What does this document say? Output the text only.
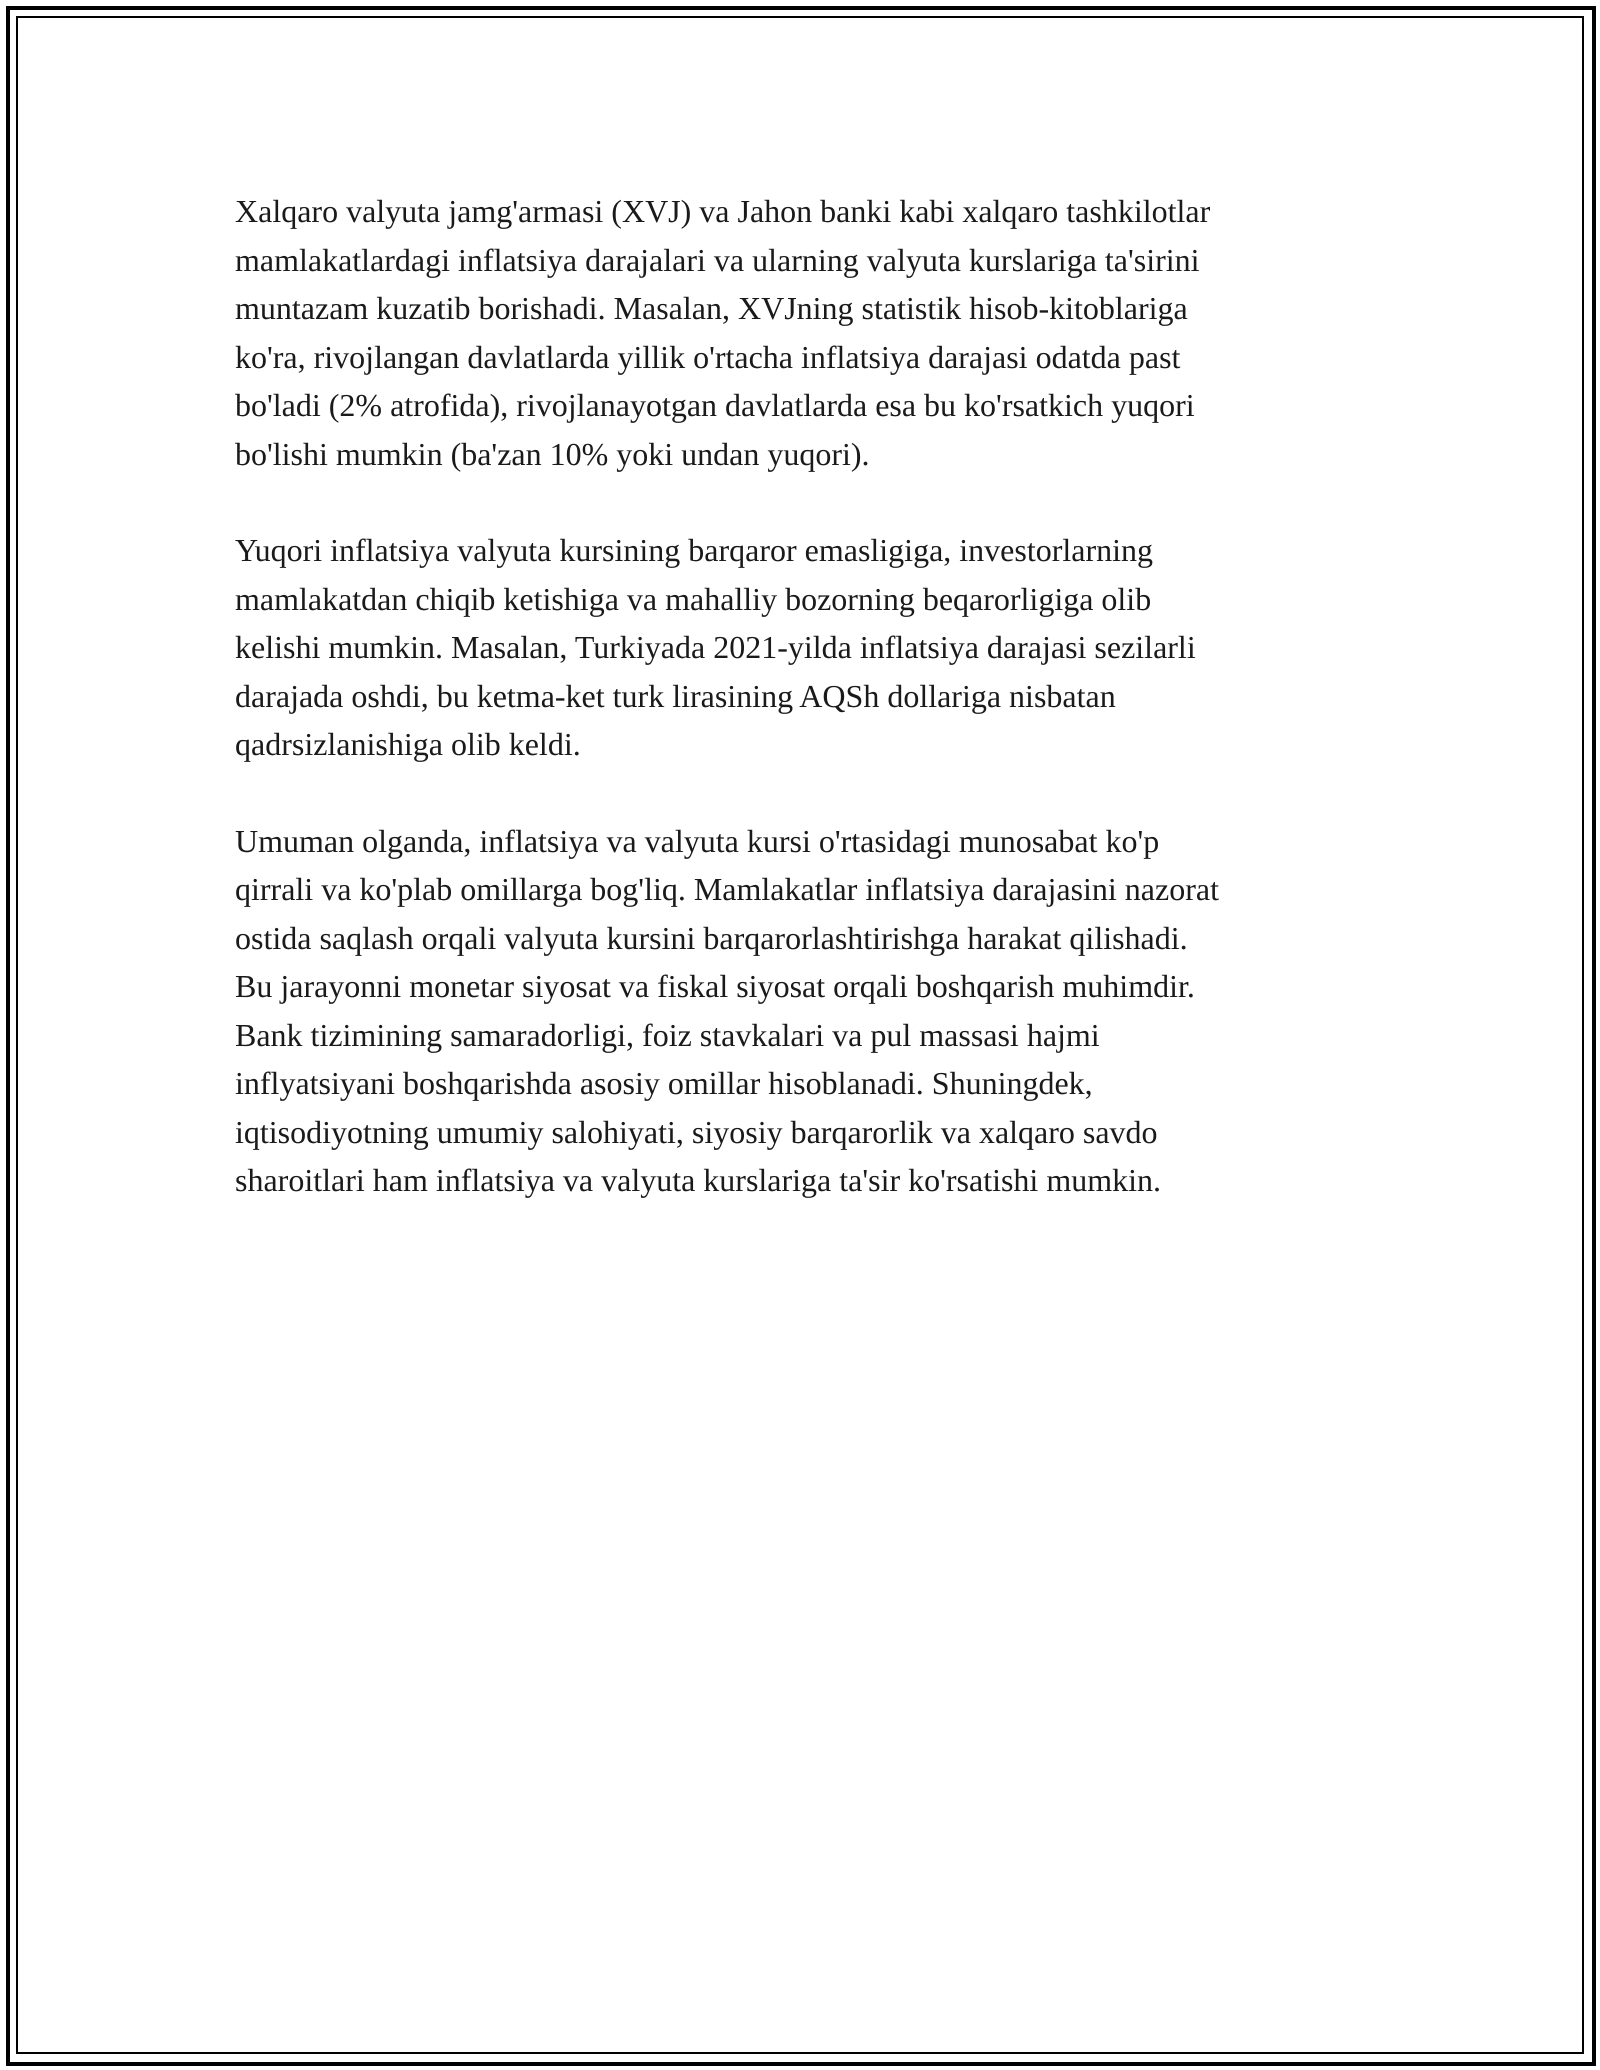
Xalqaro valyuta jamg'armasi (XVJ) va Jahon banki kabi xalqaro tashkilotlar
mamlakatlardagi inflatsiya darajalari va ularning valyuta kurslariga ta'sirini
muntazam kuzatib borishadi. Masalan, XVJning statistik hisob-kitoblariga
ko'ra, rivojlangan davlatlarda yillik o'rtacha inflatsiya darajasi odatda past
bo'ladi (2% atrofida), rivojlanayotgan davlatlarda esa bu ko'rsatkich yuqori
bo'lishi mumkin (ba'zan 10% yoki undan yuqori).

Yuqori inflatsiya valyuta kursining barqaror emasligiga, investorlarning
mamlakatdan chiqib ketishiga va mahalliy bozorning beqarorligiga olib
kelishi mumkin. Masalan, Turkiyada 2021-yilda inflatsiya darajasi sezilarli
darajada oshdi, bu ketma-ket turk lirasining AQSh dollariga nisbatan
qadrsizlanishiga olib keldi.

Umuman olganda, inflatsiya va valyuta kursi o'rtasidagi munosabat ko'p
qirrali va ko'plab omillarga bog'liq. Mamlakatlar inflatsiya darajasini nazorat
ostida saqlash orqali valyuta kursini barqarorlashtirishga harakat qilishadi.
Bu jarayonni monetar siyosat va fiskal siyosat orqali boshqarish muhimdir.
Bank tizimining samaradorligi, foiz stavkalari va pul massasi hajmi
inflyatsiyani boshqarishda asosiy omillar hisoblanadi. Shuningdek,
iqtisodiyotning umumiy salohiyati, siyosiy barqarorlik va xalqaro savdo
sharoitlari ham inflatsiya va valyuta kurslariga ta'sir ko'rsatishi mumkin.
